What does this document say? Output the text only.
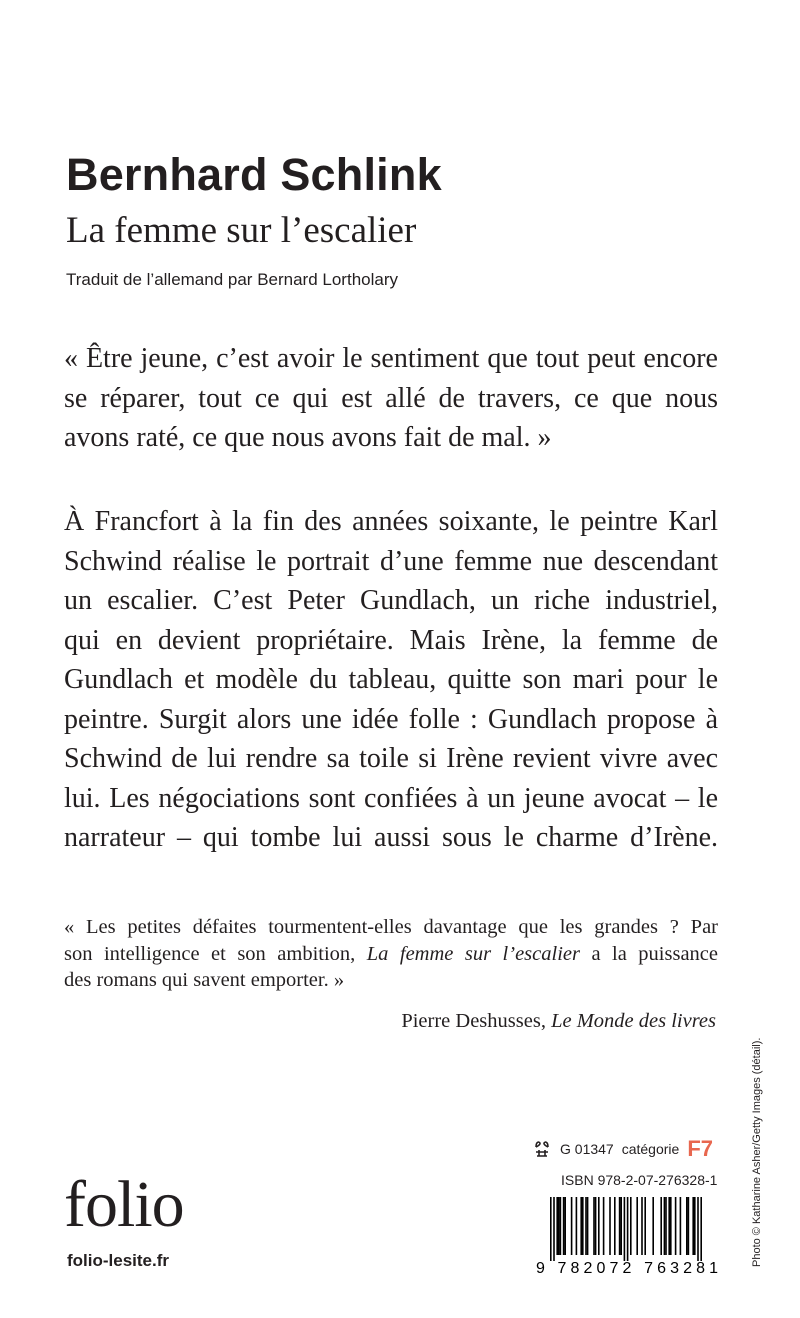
Bernhard Schlink
La femme sur l’escalier

Traduit de l’allemand par Bernard Lortholary

« Être jeune, c’est avoir le sentiment que tout peut encore
se réparer, tout ce qui est allé de travers, ce que nous
avons raté, ce que nous avons fait de mal. »
À Francfort à la fin des années soixante, le peintre Karl
Schwind réalise le portrait d’une femme nue descendant
un escalier. C’est Peter Gundlach, un riche industriel,
qui en devient propriétaire. Mais Irène, la femme de
Gundlach et modèle du tableau, quitte son mari pour le
peintre. Surgit alors une idée folle : Gundlach propose à
Schwind de lui rendre sa toile si Irène revient vivre avec
lui. Les négociations sont confiées à un jeune avocat – le
narrateur – qui tombe lui aussi sous le charme d’Irène.
« Les petites défaites tourmentent-elles davantage que les grandes ? Par
son intelligence et son ambition, La femme sur l’escalier a la puissance
des romans qui savent emporter. »

Pierre Deshusses, Le Monde des livres

folio

folio-lesite.fr

G 01347 catégorie F7

ISBN 978-2-07-276328-1

9 782072 763281

Photo © Katharine Asher/Getty Images (détail).
